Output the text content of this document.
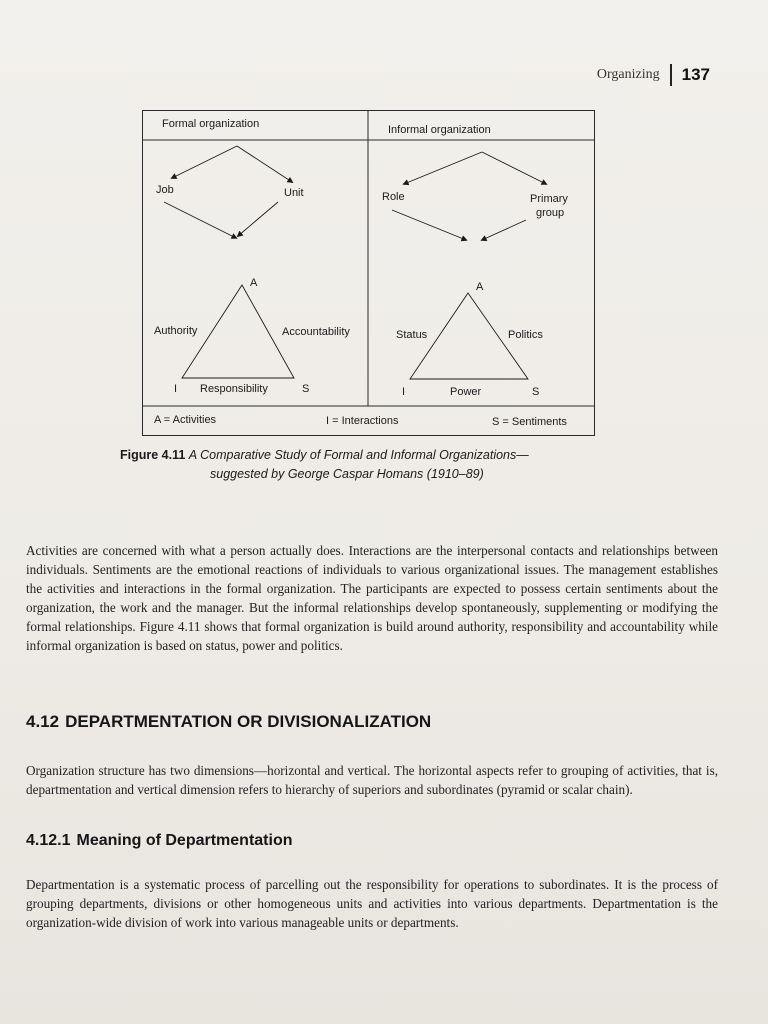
Organizing 137
Formal organization	Informal organization
Job	Unit
A
Authority	Accountability
I Responsibility	S
Role	Primary
group
A
Status	Politics
I	Power	S
A = Activities	I = Interactions	S = Sentiments
Figure 4.11 A Comparative Study of Formal and Informal Organizations—
suggested by George Caspar Homans (1910–89)

Activities are concerned with what a person actually does. Interactions are the interpersonal contacts and relationships between individuals. Sentiments are the emotional reactions of individuals to various organizational issues. The management establishes the activities and interactions in the formal organization. The participants are expected to possess certain sentiments about the organization, the work and the manager. But the informal relationships develop spontaneously, supplementing or modifying the formal relationships. Figure 4.11 shows that formal organization is build around authority, responsibility and accountability while informal organization is based on status, power and politics.

4.12 DEPARTMENTATION OR DIVISIONALIZATION

Organization structure has two dimensions—horizontal and vertical. The horizontal aspects refer to grouping of activities, that is, departmentation and vertical dimension refers to hierarchy of superiors and subordinates (pyramid or scalar chain).

4.12.1 Meaning of Departmentation

Departmentation is a systematic process of parcelling out the responsibility for operations to subordinates. It is the process of grouping departments, divisions or other homogeneous units and activities into various departments. Departmentation is the organization-wide division of work into various manageable units or departments.
